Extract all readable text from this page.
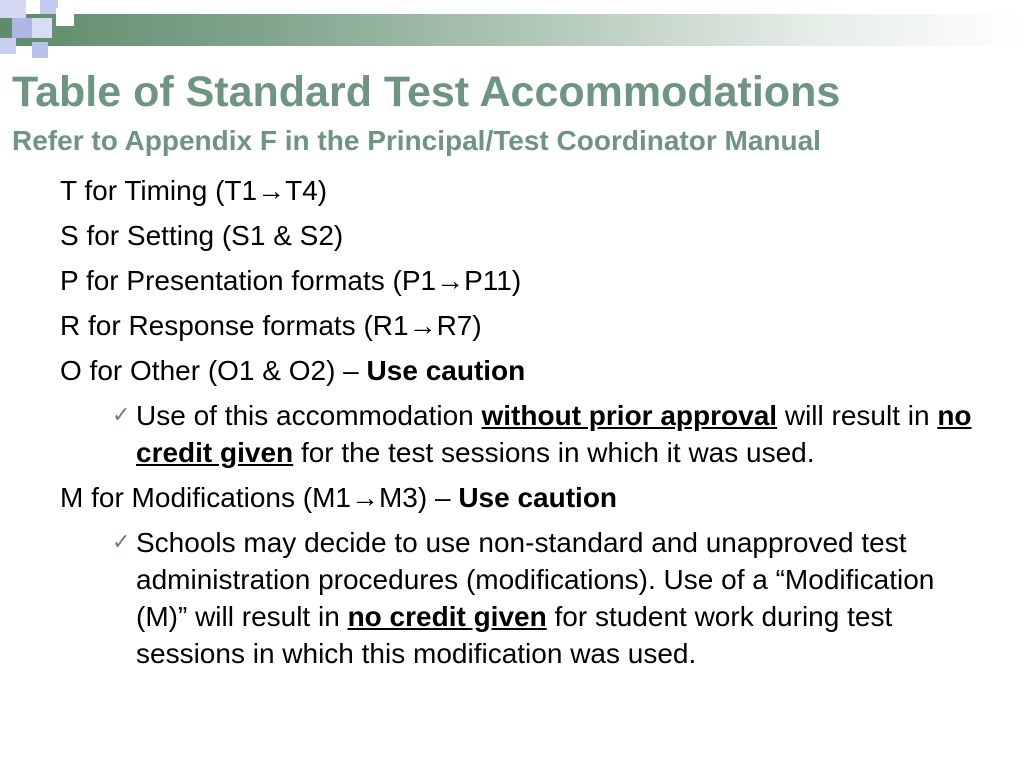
Table of Standard Test Accommodations
Refer to Appendix F in the Principal/Test Coordinator Manual

T for Timing (T1→T4)

S for Setting (S1 & S2)

P for Presentation formats (P1→P11)

R for Response formats (R1→R7)

O for Other (O1 & O2) – Use caution

✓ Use of this accommodation without prior approval will result in no credit given for the test sessions in which it was used.

M for Modifications (M1→M3) – Use caution

✓ Schools may decide to use non-standard and unapproved test administration procedures (modifications). Use of a “Modification (M)” will result in no credit given for student work during test sessions in which this modification was used.
